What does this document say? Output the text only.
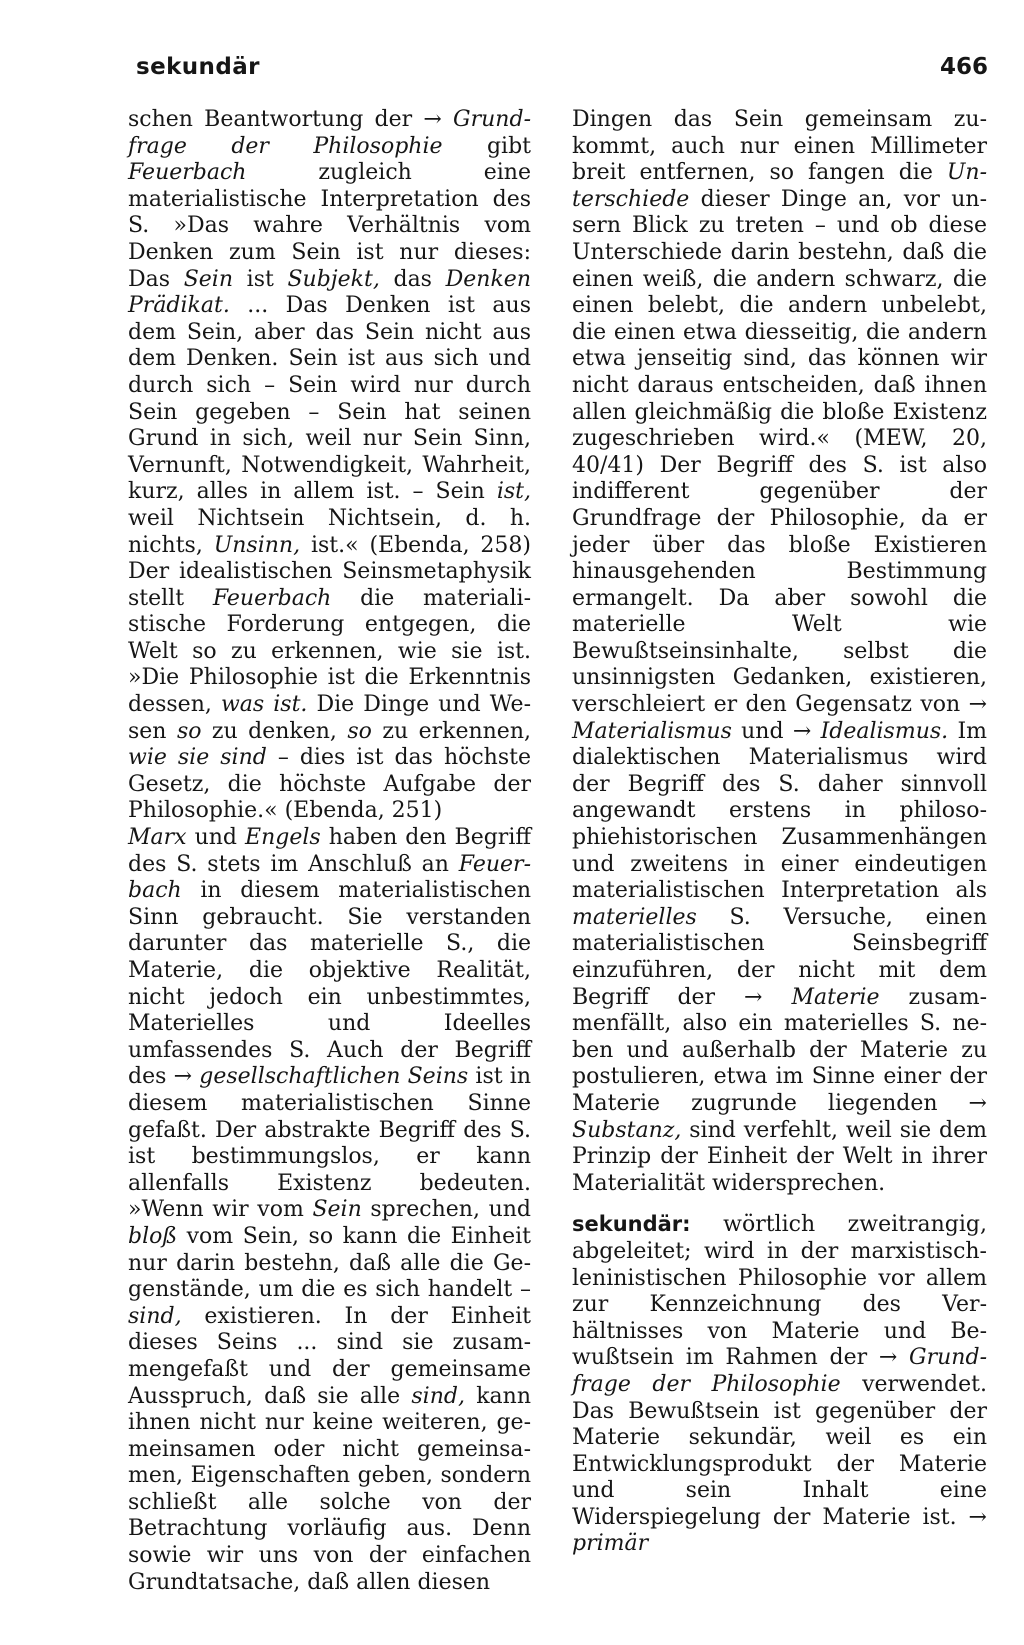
sekundär	466

schen Beantwortung der → Grundfrage der Philosophie gibt Feuerbach zugleich eine materialistische Interpretation des S. »Das wahre Verhältnis vom Denken zum Sein ist nur dieses: Das Sein ist Subjekt, das Denken Prädikat. ... Das Denken ist aus dem Sein, aber das Sein nicht aus dem Denken. Sein ist aus sich und durch sich – Sein wird nur durch Sein gegeben – Sein hat seinen Grund in sich, weil nur Sein Sinn, Vernunft, Notwendigkeit, Wahrheit, kurz, alles in allem ist. – Sein ist, weil Nichtsein Nichtsein, d. h. nichts, Unsinn, ist.« (Ebenda, 258) Der idealistischen Seinsmetaphysik stellt Feuerbach die materialistische Forderung entgegen, die Welt so zu erkennen, wie sie ist. »Die Philosophie ist die Erkenntnis dessen, was ist. Die Dinge und Wesen so zu denken, so zu erkennen, wie sie sind – dies ist das höchste Gesetz, die höchste Aufgabe der Philosophie.« (Ebenda, 251)

Marx und Engels haben den Begriff des S. stets im Anschluß an Feuerbach in diesem materialistischen Sinn gebraucht. Sie verstanden darunter das materielle S., die Materie, die objektive Realität, nicht jedoch ein unbestimmtes, Materielles und Ideelles umfassendes S. Auch der Begriff des → gesellschaftlichen Seins ist in diesem materialistischen Sinne gefaßt. Der abstrakte Begriff des S. ist bestimmungslos, er kann allenfalls Existenz bedeuten. »Wenn wir vom Sein sprechen, und bloß vom Sein, so kann die Einheit nur darin bestehn, daß alle die Gegenstände, um die es sich handelt – sind, existieren. In der Einheit dieses Seins ... sind sie zusammengefaßt und der gemeinsame Ausspruch, daß sie alle sind, kann ihnen nicht nur keine weiteren, gemeinsamen oder nicht gemeinsamen, Eigenschaften geben, sondern schließt alle solche von der Betrachtung vorläufig aus. Denn sowie wir uns von der einfachen Grundtatsache, daß allen diesen

Dingen das Sein gemeinsam zukommt, auch nur einen Millimeter breit entfernen, so fangen die Unterschiede dieser Dinge an, vor unsern Blick zu treten – und ob diese Unterschiede darin bestehn, daß die einen weiß, die andern schwarz, die einen belebt, die andern unbelebt, die einen etwa diesseitig, die andern etwa jenseitig sind, das können wir nicht daraus entscheiden, daß ihnen allen gleichmäßig die bloße Existenz zugeschrieben wird.« (MEW, 20, 40/41) Der Begriff des S. ist also indifferent gegenüber der Grundfrage der Philosophie, da er jeder über das bloße Existieren hinausgehenden Bestimmung ermangelt. Da aber sowohl die materielle Welt wie Bewußtseinsinhalte, selbst die unsinnigsten Gedanken, existieren, verschleiert er den Gegensatz von → Materialismus und → Idealismus. Im dialektischen Materialismus wird der Begriff des S. daher sinnvoll angewandt erstens in philosophiehistorischen Zusammenhängen und zweitens in einer eindeutigen materialistischen Interpretation als materielles S. Versuche, einen materialistischen Seinsbegriff einzuführen, der nicht mit dem Begriff der → Materie zusammenfällt, also ein materielles S. neben und außerhalb der Materie zu postulieren, etwa im Sinne einer der Materie zugrunde liegenden → Substanz, sind verfehlt, weil sie dem Prinzip der Einheit der Welt in ihrer Materialität widersprechen.

sekundär: wörtlich zweitrangig, abgeleitet; wird in der marxistisch-leninistischen Philosophie vor allem zur Kennzeichnung des Verhältnisses von Materie und Bewußtsein im Rahmen der → Grundfrage der Philosophie verwendet. Das Bewußtsein ist gegenüber der Materie sekundär, weil es ein Entwicklungsprodukt der Materie und sein Inhalt eine Widerspiegelung der Materie ist. → primär
